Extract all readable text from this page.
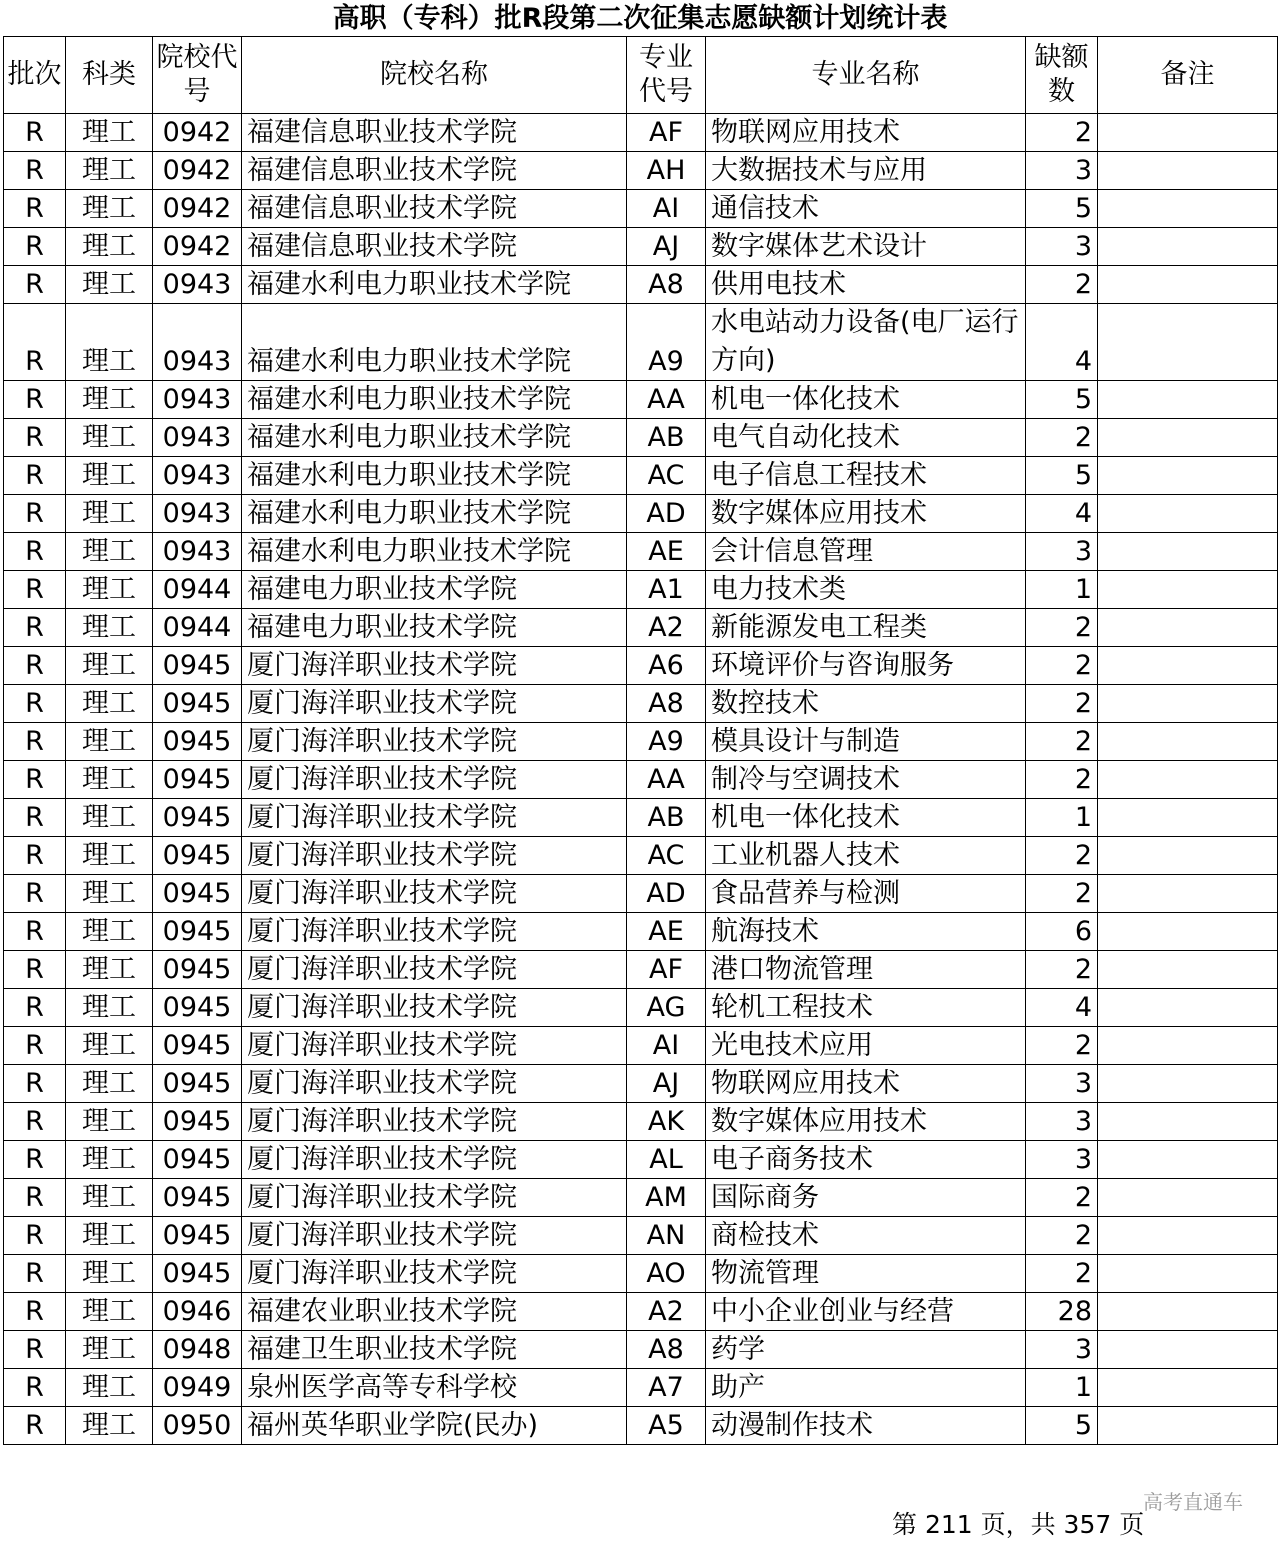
高职（专科）批R段第二次征集志愿缺额计划统计表
批次	科类	院校代号	院校名称	专业代号	专业名称	缺额数	备注
R	理工	0942	福建信息职业技术学院	AF	物联网应用技术	2	
R	理工	0942	福建信息职业技术学院	AH	大数据技术与应用	3	
R	理工	0942	福建信息职业技术学院	AI	通信技术	5	
R	理工	0942	福建信息职业技术学院	AJ	数字媒体艺术设计	3	
R	理工	0943	福建水利电力职业技术学院	A8	供用电技术	2	
R	理工	0943	福建水利电力职业技术学院	A9	水电站动力设备(电厂运行方向)	4	
R	理工	0943	福建水利电力职业技术学院	AA	机电一体化技术	5	
R	理工	0943	福建水利电力职业技术学院	AB	电气自动化技术	2	
R	理工	0943	福建水利电力职业技术学院	AC	电子信息工程技术	5	
R	理工	0943	福建水利电力职业技术学院	AD	数字媒体应用技术	4	
R	理工	0943	福建水利电力职业技术学院	AE	会计信息管理	3	
R	理工	0944	福建电力职业技术学院	A1	电力技术类	1	
R	理工	0944	福建电力职业技术学院	A2	新能源发电工程类	2	
R	理工	0945	厦门海洋职业技术学院	A6	环境评价与咨询服务	2	
R	理工	0945	厦门海洋职业技术学院	A8	数控技术	2	
R	理工	0945	厦门海洋职业技术学院	A9	模具设计与制造	2	
R	理工	0945	厦门海洋职业技术学院	AA	制冷与空调技术	2	
R	理工	0945	厦门海洋职业技术学院	AB	机电一体化技术	1	
R	理工	0945	厦门海洋职业技术学院	AC	工业机器人技术	2	
R	理工	0945	厦门海洋职业技术学院	AD	食品营养与检测	2	
R	理工	0945	厦门海洋职业技术学院	AE	航海技术	6	
R	理工	0945	厦门海洋职业技术学院	AF	港口物流管理	2	
R	理工	0945	厦门海洋职业技术学院	AG	轮机工程技术	4	
R	理工	0945	厦门海洋职业技术学院	AI	光电技术应用	2	
R	理工	0945	厦门海洋职业技术学院	AJ	物联网应用技术	3	
R	理工	0945	厦门海洋职业技术学院	AK	数字媒体应用技术	3	
R	理工	0945	厦门海洋职业技术学院	AL	电子商务技术	3	
R	理工	0945	厦门海洋职业技术学院	AM	国际商务	2	
R	理工	0945	厦门海洋职业技术学院	AN	商检技术	2	
R	理工	0945	厦门海洋职业技术学院	AO	物流管理	2	
R	理工	0946	福建农业职业技术学院	A2	中小企业创业与经营	28	
R	理工	0948	福建卫生职业技术学院	A8	药学	3	
R	理工	0949	泉州医学高等专科学校	A7	助产	1	
R	理工	0950	福州英华职业学院(民办)	A5	动漫制作技术	5	
第 211 页，共 357 页
高考直通车
